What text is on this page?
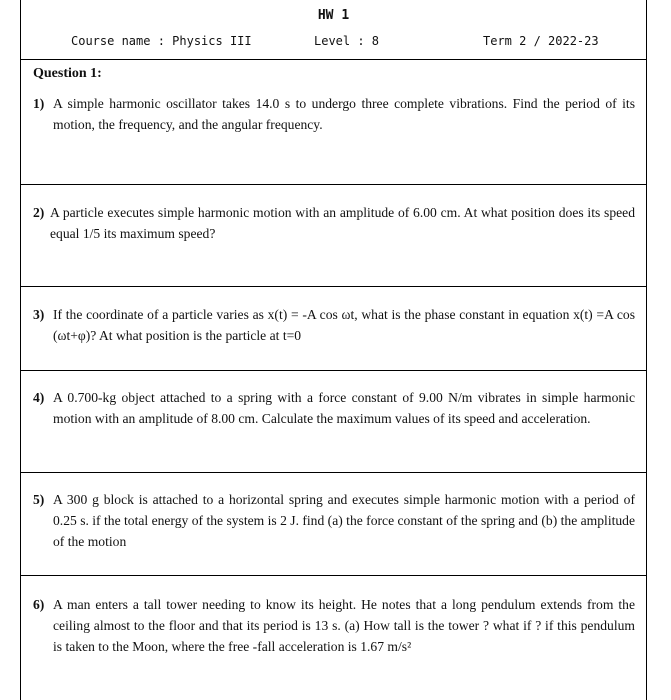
HW 1
Course name : Physics III	Level : 8	Term 2 / 2022-23
Question 1:
1) A simple harmonic oscillator takes 14.0 s to undergo three complete vibrations. Find the period of its motion, the frequency, and the angular frequency.
2) A particle executes simple harmonic motion with an amplitude of 6.00 cm. At what position does its speed equal 1/5 its maximum speed?
3) If the coordinate of a particle varies as x(t) = -A cos ωt, what is the phase constant in equation x(t) =A cos (ωt+φ)? At what position is the particle at t=0
4) A 0.700-kg object attached to a spring with a force constant of 9.00 N/m vibrates in simple harmonic motion with an amplitude of 8.00 cm. Calculate the maximum values of its speed and acceleration.
5) A 300 g block is attached to a horizontal spring and executes simple harmonic motion with a period of 0.25 s. if the total energy of the system is 2 J. find (a) the force constant of the spring and (b) the amplitude of the motion
6) A man enters a tall tower needing to know its height. He notes that a long pendulum extends from the ceiling almost to the floor and that its period is 13 s. (a) How tall is the tower ? what if ? if this pendulum is taken to the Moon, where the free -fall acceleration is 1.67 m/s²
